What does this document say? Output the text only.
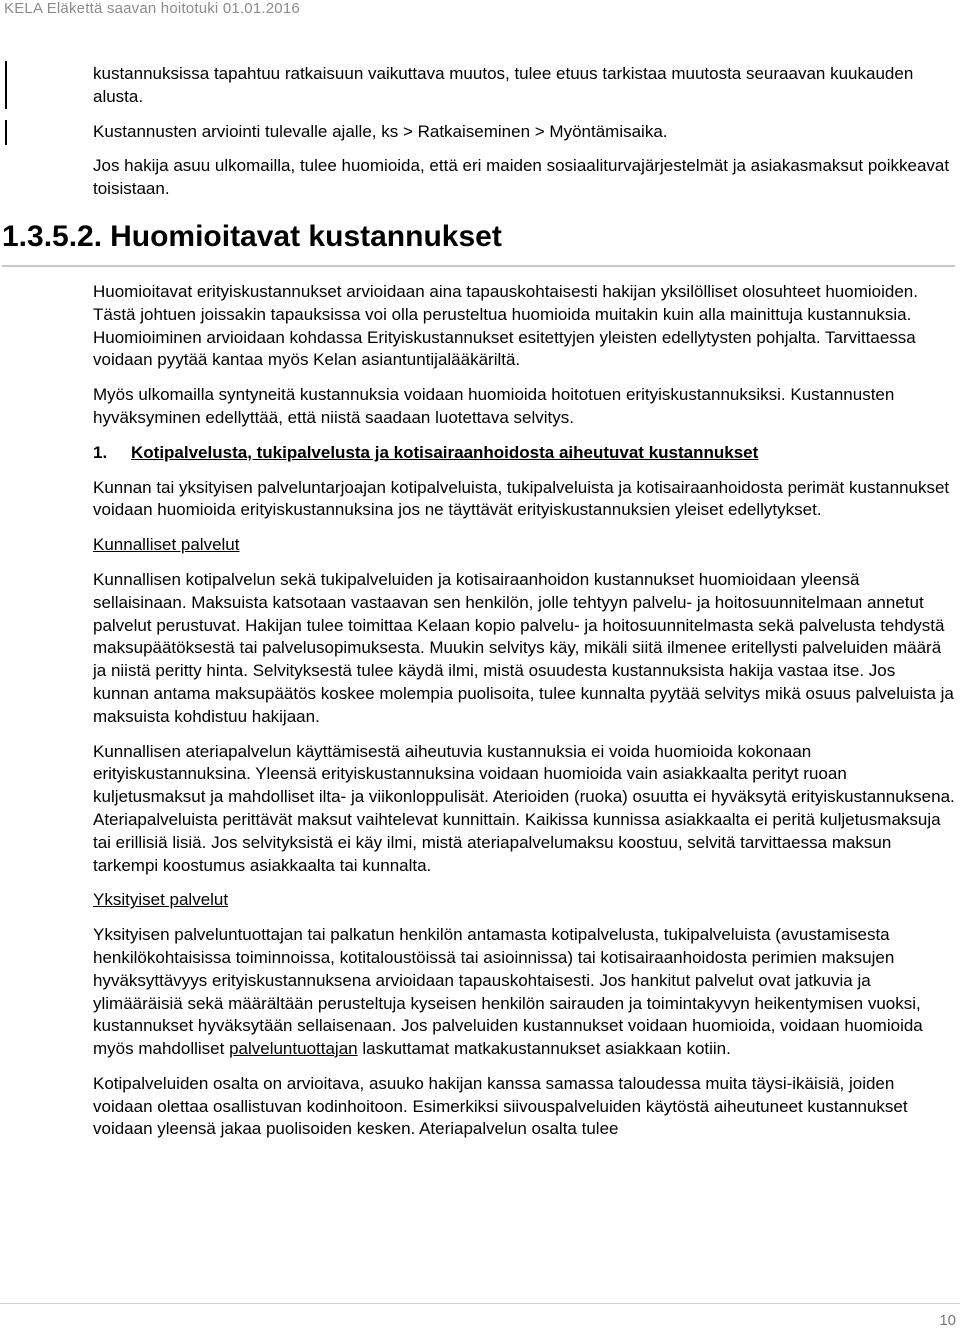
KELA Eläkettä saavan hoitotuki 01.01.2016

kustannuksissa tapahtuu ratkaisuun vaikuttava muutos, tulee etuus tarkistaa muutosta seuraavan kuukauden alusta.

Kustannusten arviointi tulevalle ajalle, ks > Ratkaiseminen > Myöntämisaika.

Jos hakija asuu ulkomailla, tulee huomioida, että eri maiden sosiaaliturvajärjestelmät ja asiakasmaksut poikkeavat toisistaan.

1.3.5.2. Huomioitavat kustannukset

Huomioitavat erityiskustannukset arvioidaan aina tapauskohtaisesti hakijan yksilölliset olosuhteet huomioiden. Tästä johtuen joissakin tapauksissa voi olla perusteltua huomioida muitakin kuin alla mainittuja kustannuksia. Huomioiminen arvioidaan kohdassa Erityiskustannukset esitettyjen yleisten edellytysten pohjalta. Tarvittaessa voidaan pyytää kantaa myös Kelan asiantuntijalääkäriltä.

Myös ulkomailla syntyneitä kustannuksia voidaan huomioida hoitotuen erityiskustannuksiksi. Kustannusten hyväksyminen edellyttää, että niistä saadaan luotettava selvitys.

1. Kotipalvelusta, tukipalvelusta ja kotisairaanhoidosta aiheutuvat kustannukset

Kunnan tai yksityisen palveluntarjoajan kotipalveluista, tukipalveluista ja kotisairaanhoidosta perimät kustannukset voidaan huomioida erityiskustannuksina jos ne täyttävät erityiskustannuksien yleiset edellytykset.

Kunnalliset palvelut

Kunnallisen kotipalvelun sekä tukipalveluiden ja kotisairaanhoidon kustannukset huomioidaan yleensä sellaisinaan. Maksuista katsotaan vastaavan sen henkilön, jolle tehtyyn palvelu- ja hoitosuunnitelmaan annetut palvelut perustuvat. Hakijan tulee toimittaa Kelaan kopio palvelu- ja hoitosuunnitelmasta sekä palvelusta tehdystä maksupäätöksestä tai palvelusopimuksesta. Muukin selvitys käy, mikäli siitä ilmenee eritellysti palveluiden määrä ja niistä peritty hinta. Selvityksestä tulee käydä ilmi, mistä osuudesta kustannuksista hakija vastaa itse. Jos kunnan antama maksupäätös koskee molempia puolisoita, tulee kunnalta pyytää selvitys mikä osuus palveluista ja maksuista kohdistuu hakijaan.

Kunnallisen ateriapalvelun käyttämisestä aiheutuvia kustannuksia ei voida huomioida kokonaan erityiskustannuksina. Yleensä erityiskustannuksina voidaan huomioida vain asiakkaalta perityt ruoan kuljetusmaksut ja mahdolliset ilta- ja viikonloppulisät. Aterioiden (ruoka) osuutta ei hyväksytä erityiskustannuksena. Ateriapalveluista perittävät maksut vaihtelevat kunnittain. Kaikissa kunnissa asiakkaalta ei peritä kuljetusmaksuja tai erillisiä lisiä. Jos selvityksistä ei käy ilmi, mistä ateriapalvelumaksu koostuu, selvitä tarvittaessa maksun tarkempi koostumus asiakkaalta tai kunnalta.

Yksityiset palvelut

Yksityisen palveluntuottajan tai palkatun henkilön antamasta kotipalvelusta, tukipalveluista (avustamisesta henkilökohtaisissa toiminnoissa, kotitaloustöissä tai asioinnissa) tai kotisairaanhoidosta perimien maksujen hyväksyttävyys erityiskustannuksena arvioidaan tapauskohtaisesti. Jos hankitut palvelut ovat jatkuvia ja ylimääräisiä sekä määrältään perusteltuja kyseisen henkilön sairauden ja toimintakyvyn heikentymisen vuoksi, kustannukset hyväksytään sellaisenaan. Jos palveluiden kustannukset voidaan huomioida, voidaan huomioida myös mahdolliset palveluntuottajan laskuttamat matkakustannukset asiakkaan kotiin.

Kotipalveluiden osalta on arvioitava, asuuko hakijan kanssa samassa taloudessa muita täysi-ikäisiä, joiden voidaan olettaa osallistuvan kodinhoitoon. Esimerkiksi siivouspalveluiden käytöstä aiheutuneet kustannukset voidaan yleensä jakaa puolisoiden kesken. Ateriapalvelun osalta tulee

10
